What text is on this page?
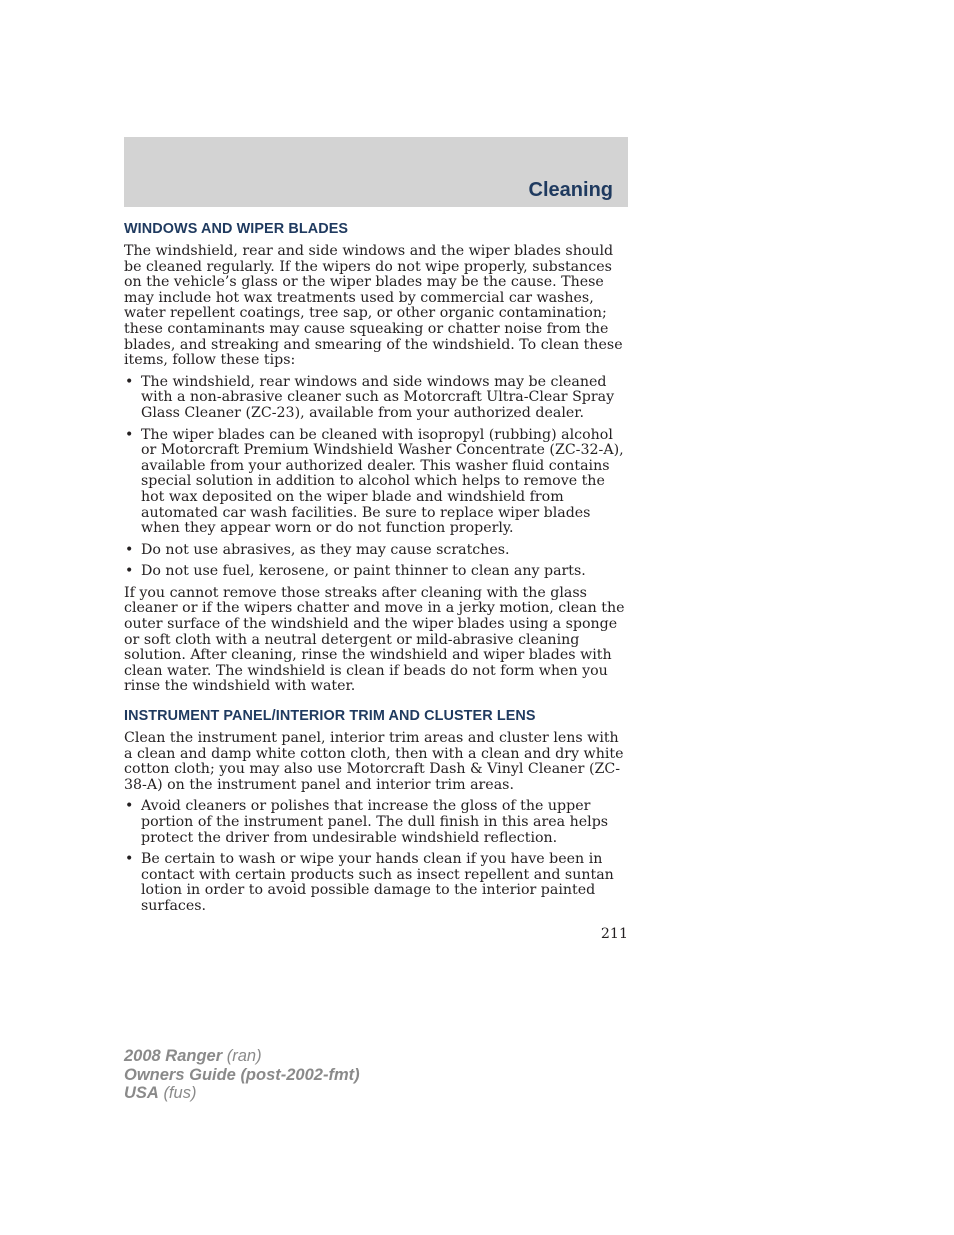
Cleaning
WINDOWS AND WIPER BLADES

The windshield, rear and side windows and the wiper blades should be cleaned regularly. If the wipers do not wipe properly, substances on the vehicle’s glass or the wiper blades may be the cause. These may include hot wax treatments used by commercial car washes, water repellent coatings, tree sap, or other organic contamination; these contaminants may cause squeaking or chatter noise from the blades, and streaking and smearing of the windshield. To clean these items, follow these tips:

• The windshield, rear windows and side windows may be cleaned with a non-abrasive cleaner such as Motorcraft Ultra-Clear Spray Glass Cleaner (ZC-23), available from your authorized dealer.
• The wiper blades can be cleaned with isopropyl (rubbing) alcohol or Motorcraft Premium Windshield Washer Concentrate (ZC-32-A), available from your authorized dealer. This washer fluid contains special solution in addition to alcohol which helps to remove the hot wax deposited on the wiper blade and windshield from automated car wash facilities. Be sure to replace wiper blades when they appear worn or do not function properly.
• Do not use abrasives, as they may cause scratches.
• Do not use fuel, kerosene, or paint thinner to clean any parts.

If you cannot remove those streaks after cleaning with the glass cleaner or if the wipers chatter and move in a jerky motion, clean the outer surface of the windshield and the wiper blades using a sponge or soft cloth with a neutral detergent or mild-abrasive cleaning solution. After cleaning, rinse the windshield and wiper blades with clean water. The windshield is clean if beads do not form when you rinse the windshield with water.

INSTRUMENT PANEL/INTERIOR TRIM AND CLUSTER LENS

Clean the instrument panel, interior trim areas and cluster lens with a clean and damp white cotton cloth, then with a clean and dry white cotton cloth; you may also use Motorcraft Dash & Vinyl Cleaner (ZC-38-A) on the instrument panel and interior trim areas.

• Avoid cleaners or polishes that increase the gloss of the upper portion of the instrument panel. The dull finish in this area helps protect the driver from undesirable windshield reflection.
• Be certain to wash or wipe your hands clean if you have been in contact with certain products such as insect repellent and suntan lotion in order to avoid possible damage to the interior painted surfaces.
211
2008 Ranger (ran)
Owners Guide (post-2002-fmt)
USA (fus)
